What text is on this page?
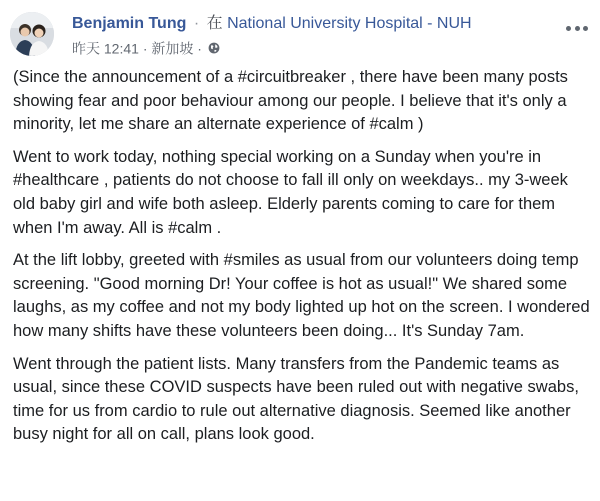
Benjamin Tung · 在 National University Hospital - NUH
昨天 12:41 · 新加坡 ·

(Since the announcement of a #circuitbreaker , there have been many posts showing fear and poor behaviour among our people. I believe that it's only a minority, let me share an alternate experience of #calm )

Went to work today, nothing special working on a Sunday when you're in #healthcare , patients do not choose to fall ill only on weekdays.. my 3-week old baby girl and wife both asleep. Elderly parents coming to care for them when I'm away. All is #calm .

At the lift lobby, greeted with #smiles as usual from our volunteers doing temp screening. "Good morning Dr! Your coffee is hot as usual!" We shared some laughs, as my coffee and not my body lighted up hot on the screen. I wondered how many shifts have these volunteers been doing... It's Sunday 7am.

Went through the patient lists. Many transfers from the Pandemic teams as usual, since these COVID suspects have been ruled out with negative swabs, time for us from cardio to rule out alternative diagnosis. Seemed like another busy night for all on call, plans look good.
